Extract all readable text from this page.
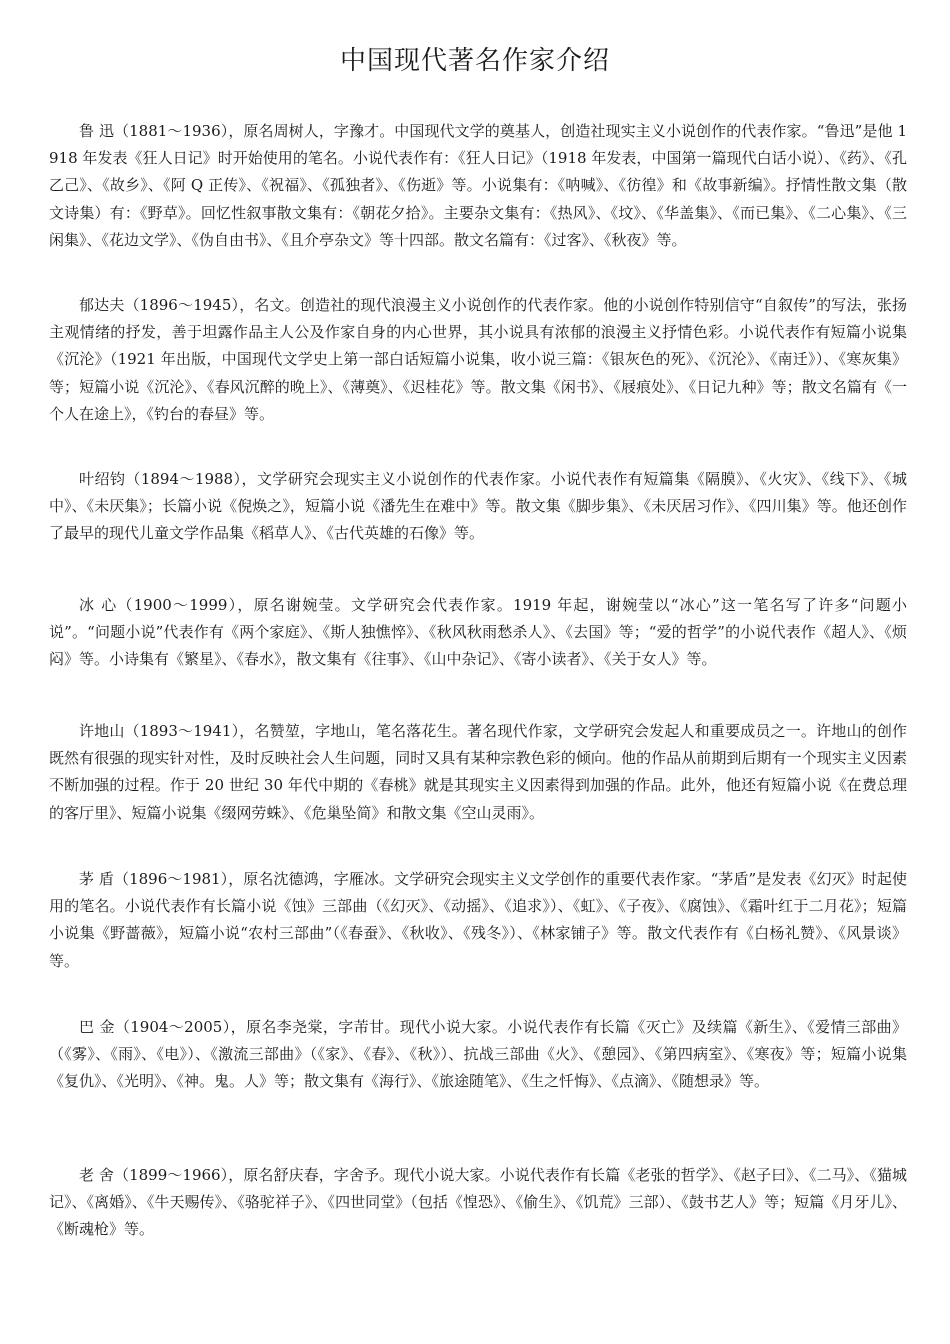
中国现代著名作家介绍

鲁 迅（1881～1936），原名周树人，字豫才。中国现代文学的奠基人，创造社现实主义小说创作的代表作家。“鲁迅”是他 1918 年发表《狂人日记》时开始使用的笔名。小说代表作有：《狂人日记》（1918 年发表，中国第一篇现代白话小说）、《药》、《孔乙己》、《故乡》、《阿 Q 正传》、《祝福》、《孤独者》、《伤逝》等。小说集有：《呐喊》、《彷徨》和《故事新编》。抒情性散文集（散文诗集）有：《野草》。回忆性叙事散文集有：《朝花夕拾》。主要杂文集有：《热风》、《坟》、《华盖集》、《而已集》、《二心集》、《三闲集》、《花边文学》、《伪自由书》、《且介亭杂文》等十四部。散文名篇有：《过客》、《秋夜》等。

郁达夫（1896～1945），名文。创造社的现代浪漫主义小说创作的代表作家。他的小说创作特别信守“自叙传”的写法，张扬主观情绪的抒发，善于坦露作品主人公及作家自身的内心世界，其小说具有浓郁的浪漫主义抒情色彩。小说代表作有短篇小说集《沉沦》（1921 年出版，中国现代文学史上第一部白话短篇小说集，收小说三篇：《银灰色的死》、《沉沦》、《南迁》）、《寒灰集》等；短篇小说《沉沦》、《春风沉醉的晚上》、《薄奠》、《迟桂花》等。散文集《闲书》、《屐痕处》、《日记九种》等；散文名篇有《一个人在途上》，《钓台的春昼》等。

叶绍钧（1894～1988），文学研究会现实主义小说创作的代表作家。小说代表作有短篇集《隔膜》、《火灾》、《线下》、《城中》、《未厌集》；长篇小说《倪焕之》，短篇小说《潘先生在难中》等。散文集《脚步集》、《未厌居习作》、《四川集》等。他还创作了最早的现代儿童文学作品集《稻草人》、《古代英雄的石像》等。

冰 心（1900～1999），原名谢婉莹。文学研究会代表作家。1919 年起，谢婉莹以“冰心”这一笔名写了许多“问题小说”。“问题小说”代表作有《两个家庭》、《斯人独憔悴》、《秋风秋雨愁杀人》、《去国》等；“爱的哲学”的小说代表作《超人》、《烦闷》等。小诗集有《繁星》、《春水》，散文集有《往事》、《山中杂记》、《寄小读者》、《关于女人》等。

许地山（1893～1941），名赞堃，字地山，笔名落花生。著名现代作家，文学研究会发起人和重要成员之一。许地山的创作既然有很强的现实针对性，及时反映社会人生问题，同时又具有某种宗教色彩的倾向。他的作品从前期到后期有一个现实主义因素不断加强的过程。作于 20 世纪 30 年代中期的《春桃》就是其现实主义因素得到加强的作品。此外，他还有短篇小说《在费总理的客厅里》、短篇小说集《缀网劳蛛》、《危巢坠简》和散文集《空山灵雨》。

茅 盾（1896～1981），原名沈德鸿，字雁冰。文学研究会现实主义文学创作的重要代表作家。“茅盾”是发表《幻灭》时起使用的笔名。小说代表作有长篇小说《蚀》三部曲（《幻灭》、《动摇》、《追求》）、《虹》、《子夜》、《腐蚀》、《霜叶红于二月花》；短篇小说集《野蔷薇》，短篇小说“农村三部曲”（《春蚕》、《秋收》、《残冬》）、《林家铺子》等。散文代表作有《白杨礼赞》、《风景谈》等。

巴 金（1904～2005），原名李尧棠，字芾甘。现代小说大家。小说代表作有长篇《灭亡》及续篇《新生》、《爱情三部曲》（《雾》、《雨》、《电》）、《激流三部曲》（《家》、《春》、《秋》）、抗战三部曲《火》、《憩园》、《第四病室》、《寒夜》等；短篇小说集《复仇》、《光明》、《神。鬼。人》等；散文集有《海行》、《旅途随笔》、《生之忏悔》、《点滴》、《随想录》等。

老 舍（1899～1966），原名舒庆春，字舍予。现代小说大家。小说代表作有长篇《老张的哲学》、《赵子曰》、《二马》、《猫城记》、《离婚》、《牛天赐传》、《骆驼祥子》、《四世同堂》（包括《惶恐》、《偷生》、《饥荒》三部）、《鼓书艺人》等；短篇《月牙儿》、《断魂枪》等。
